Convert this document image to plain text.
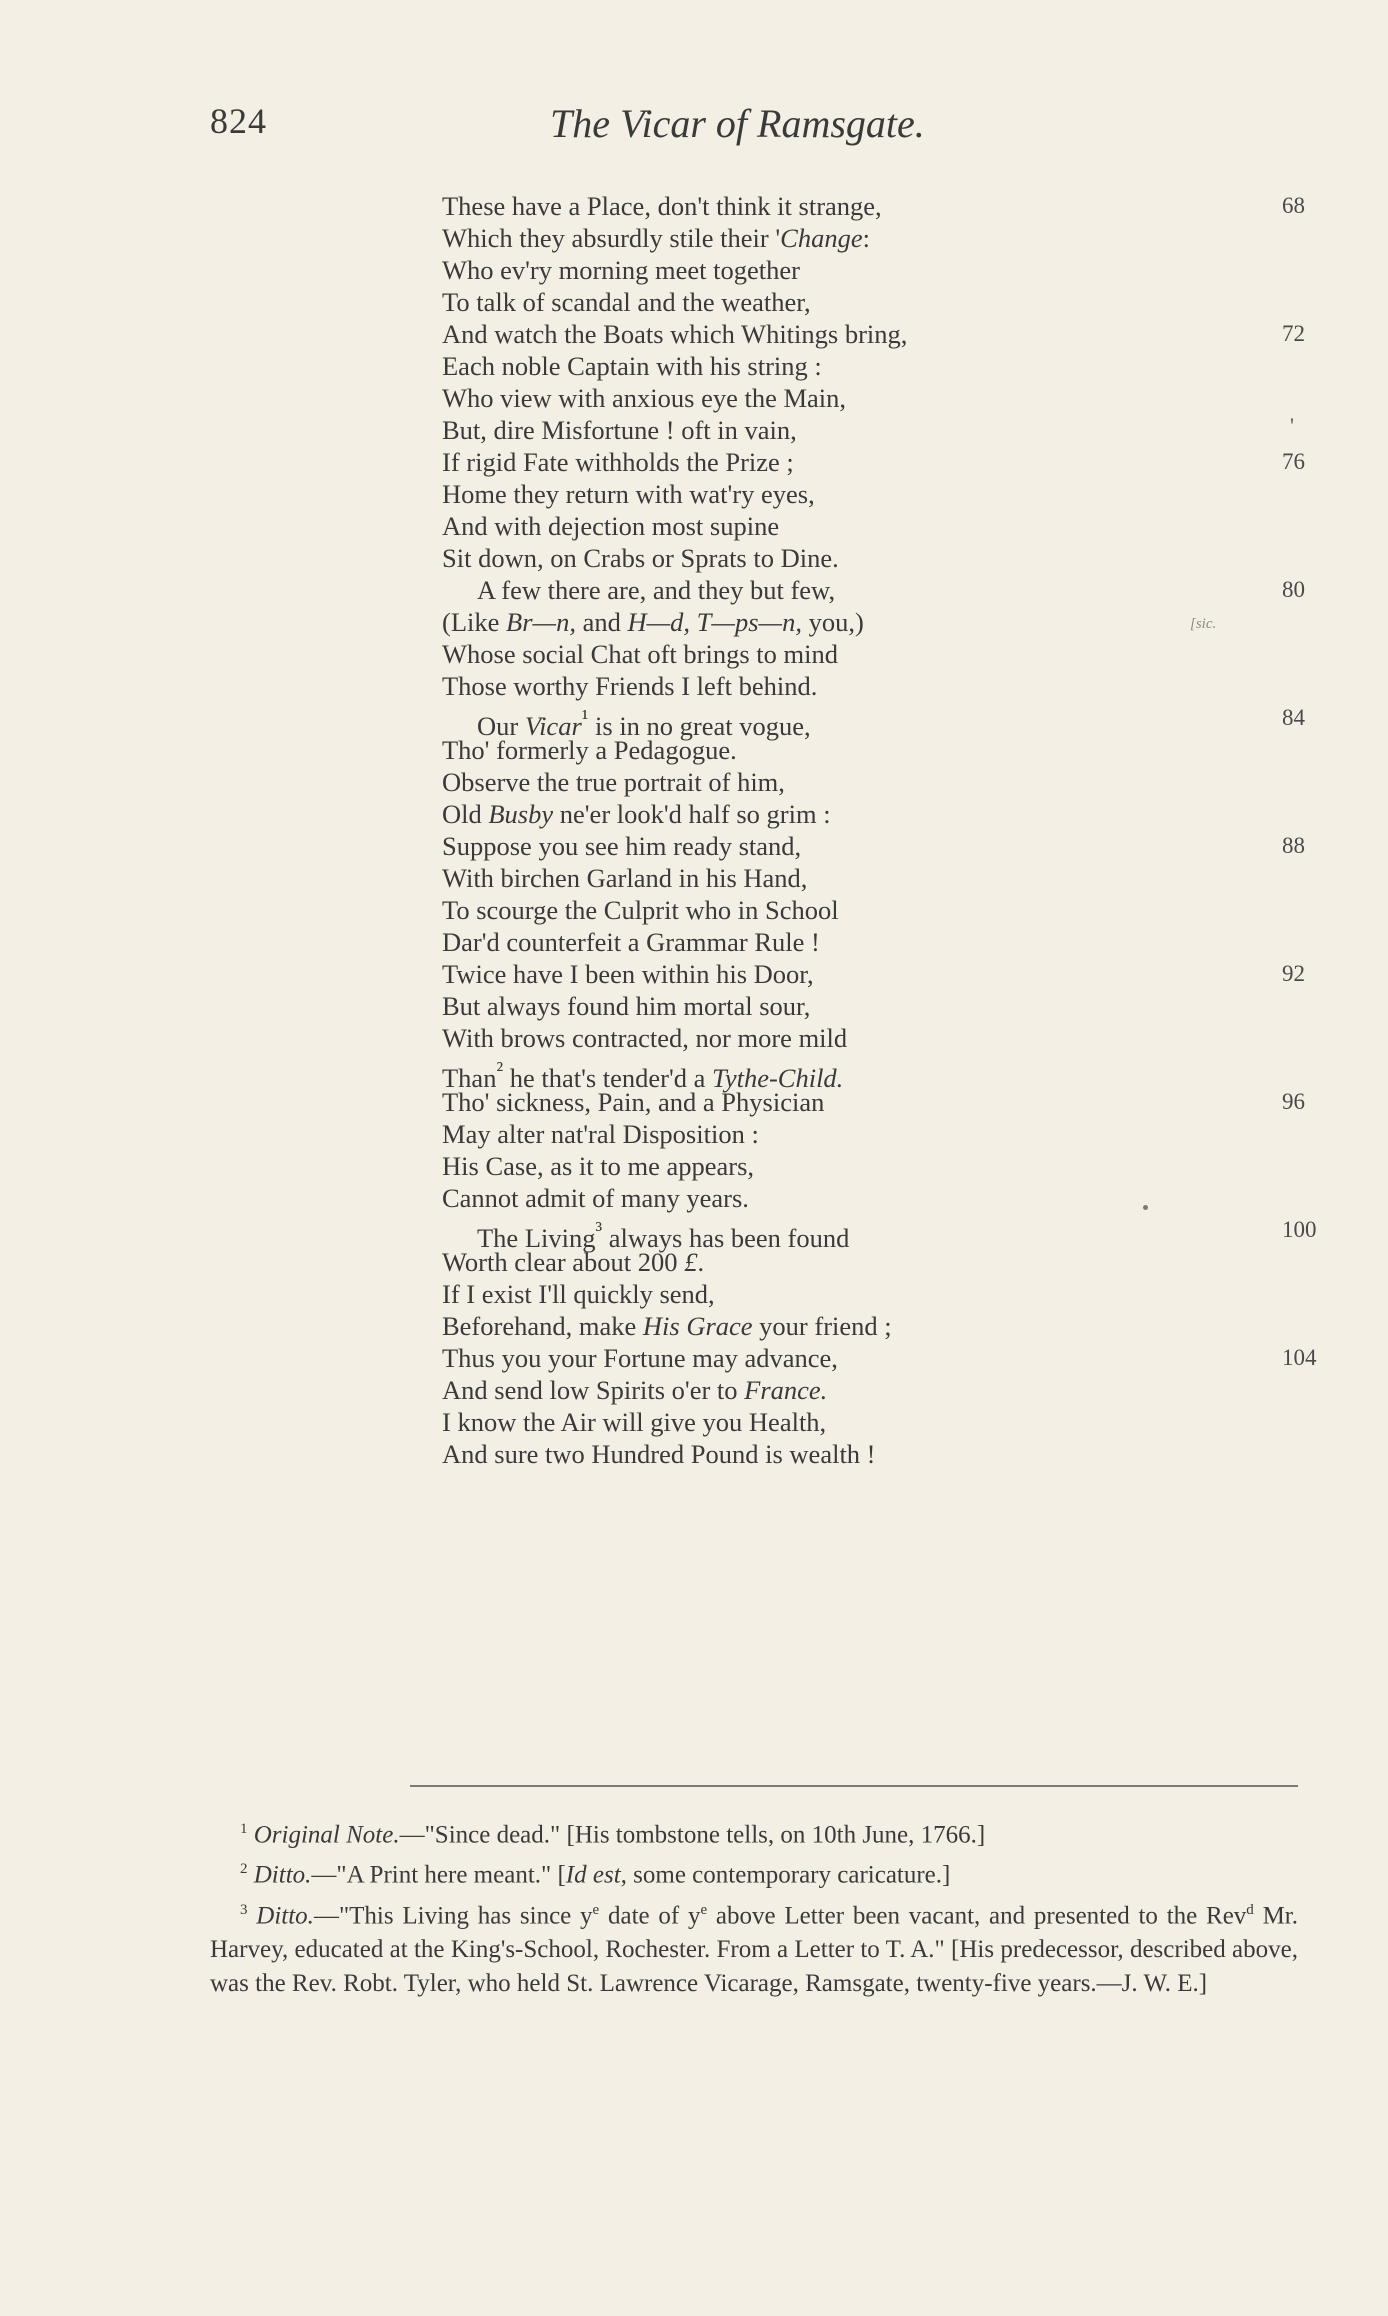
824	The Vicar of Ramsgate.
These have a Place, don't think it strange,	68
Which they absurdly stile their 'Change:
Who ev'ry morning meet together
To talk of scandal and the weather,
And watch the Boats which Whitings bring,	72
Each noble Captain with his string :
Who view with anxious eye the Main,
But, dire Misfortune ! oft in vain,	'
If rigid Fate withholds the Prize ;	76
Home they return with wat'ry eyes,
And with dejection most supine
Sit down, on Crabs or Sprats to Dine.
A few there are, and they but few,	80
(Like Br—n, and H—d, T—ps—n, you,)	[sic.
Whose social Chat oft brings to mind
Those worthy Friends I left behind.
Our Vicar$^{^1}$ is in no great vogue,	84
Tho' formerly a Pedagogue.
Observe the true portrait of him,
Old Busby ne'er look'd half so grim :
Suppose you see him ready stand,	88
With birchen Garland in his Hand,
To scourge the Culprit who in School
Dar'd counterfeit a Grammar Rule !
Twice have I been within his Door,	92
But always found him mortal sour,
With brows contracted, nor more mild
Than$^{^2}$ he that's tender'd a Tythe-Child.
Tho' sickness, Pain, and a Physician	96
May alter nat'ral Disposition :
His Case, as it to me appears,
Cannot admit of many years.
The Living$^{^3}$ always has been found	100
Worth clear about 200 £.
If I exist I'll quickly send,
Beforehand, make His Grace your friend ;
Thus you your Fortune may advance,	104
And send low Spirits o'er to France.
I know the Air will give you Health,
And sure two Hundred Pound is wealth !

$^1$ Original Note.—"Since dead." [His tombstone tells, on 10th June, 1766.]

$^2$ Ditto.—"A Print here meant." [Id est, some contemporary caricature.]

$^3$ Ditto.—"This Living has since $y^e$ date of $y^e$ above Letter been vacant, and presented to the Rev$^d$ Mr. Harvey, educated at the King's-School, Rochester. From a Letter to T. A." [His predecessor, described above, was the Rev. Robt. Tyler, who held St. Lawrence Vicarage, Ramsgate, twenty-five years.—J. W. E.]
